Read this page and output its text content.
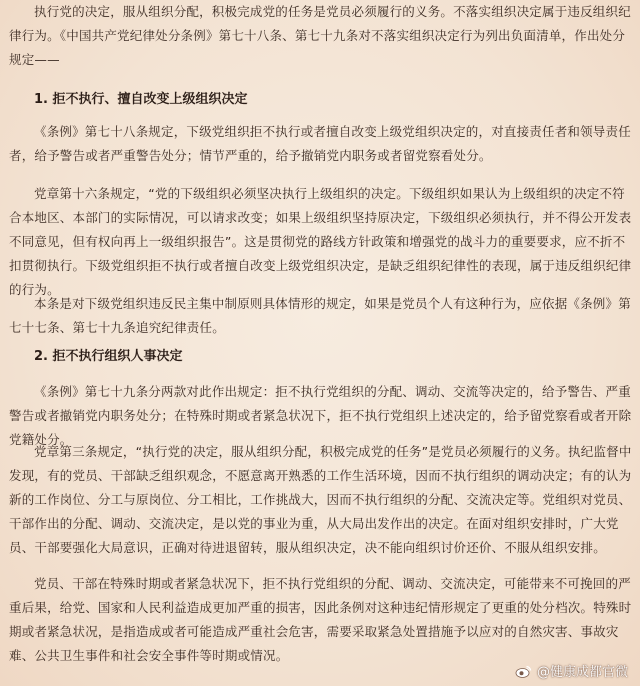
执行党的决定，服从组织分配，积极完成党的任务是党员必须履行的义务。不落实组织决定属于违反组织纪律行为。《中国共产党纪律处分条例》第七十八条、第七十九条对不落实组织决定行为列出负面清单，作出处分规定——

1. 拒不执行、擅自改变上级组织决定

《条例》第七十八条规定，下级党组织拒不执行或者擅自改变上级党组织决定的，对直接责任者和领导责任者，给予警告或者严重警告处分；情节严重的，给予撤销党内职务或者留党察看处分。

党章第十六条规定，“党的下级组织必须坚决执行上级组织的决定。下级组织如果认为上级组织的决定不符合本地区、本部门的实际情况，可以请求改变；如果上级组织坚持原决定，下级组织必须执行，并不得公开发表不同意见，但有权向再上一级组织报告”。这是贯彻党的路线方针政策和增强党的战斗力的重要要求，应不折不扣贯彻执行。下级党组织拒不执行或者擅自改变上级党组织决定，是缺乏组织纪律性的表现，属于违反组织纪律的行为。

本条是对下级党组织违反民主集中制原则具体情形的规定，如果是党员个人有这种行为，应依据《条例》第七十七条、第七十九条追究纪律责任。

2. 拒不执行组织人事决定

《条例》第七十九条分两款对此作出规定：拒不执行党组织的分配、调动、交流等决定的，给予警告、严重警告或者撤销党内职务处分；在特殊时期或者紧急状况下，拒不执行党组织上述决定的，给予留党察看或者开除党籍处分。

党章第三条规定，“执行党的决定，服从组织分配，积极完成党的任务”是党员必须履行的义务。执纪监督中发现，有的党员、干部缺乏组织观念，不愿意离开熟悉的工作生活环境，因而不执行组织的调动决定；有的认为新的工作岗位、分工与原岗位、分工相比，工作挑战大，因而不执行组织的分配、交流决定等。党组织对党员、干部作出的分配、调动、交流决定，是以党的事业为重，从大局出发作出的决定。在面对组织安排时，广大党员、干部要强化大局意识，正确对待进退留转，服从组织决定，决不能向组织讨价还价、不服从组织安排。

党员、干部在特殊时期或者紧急状况下，拒不执行党组织的分配、调动、交流决定，可能带来不可挽回的严重后果，给党、国家和人民利益造成更加严重的损害，因此条例对这种违纪情形规定了更重的处分档次。特殊时期或者紧急状况，是指造成或者可能造成严重社会危害，需要采取紧急处置措施予以应对的自然灾害、事故灾难、公共卫生事件和社会安全事件等时期或情况。

@健康成都官微
